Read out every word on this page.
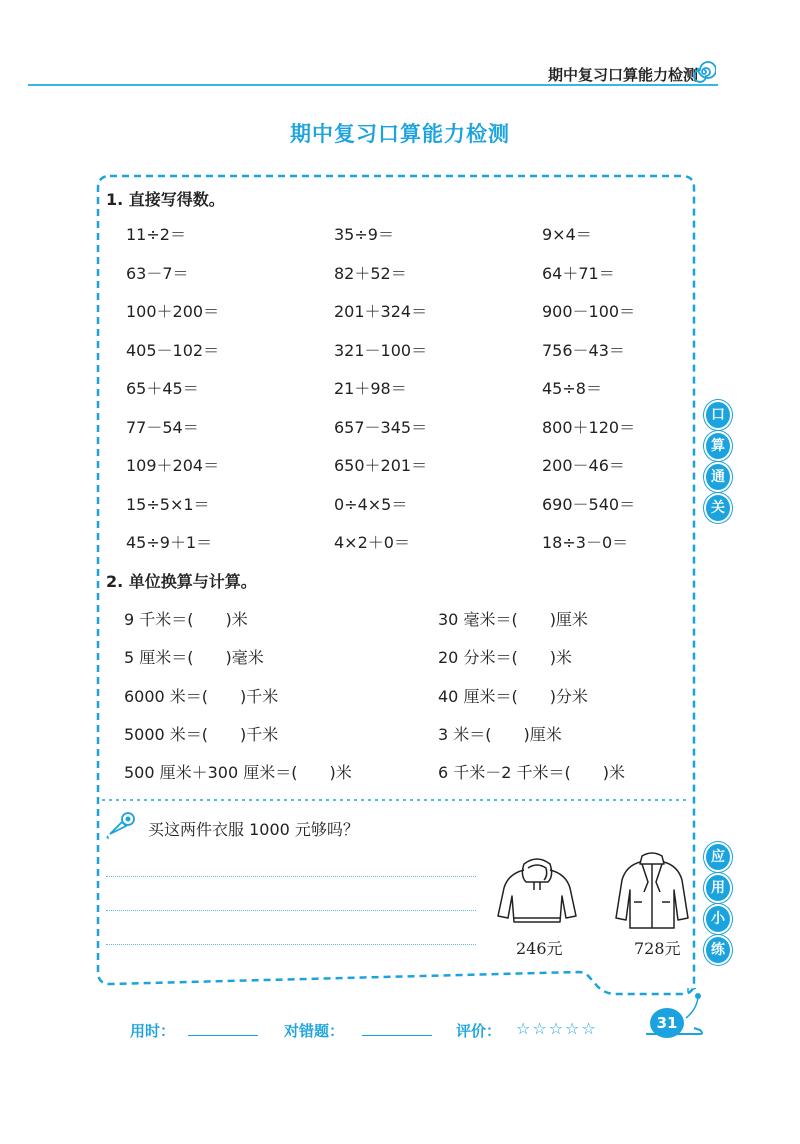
期中复习口算能力检测
期中复习口算能力检测
1. 直接写得数。
11÷2＝	35÷9＝	9×4＝
63－7＝	82＋52＝	64＋71＝
100＋200＝	201＋324＝	900－100＝
405－102＝	321－100＝	756－43＝
65＋45＝	21＋98＝	45÷8＝
77－54＝	657－345＝	800＋120＝
109＋204＝	650＋201＝	200－46＝
15÷5×1＝	0÷4×5＝	690－540＝
45÷9＋1＝	4×2＋0＝	18÷3－0＝
2. 单位换算与计算。
9 千米＝(　　)米	30 毫米＝(　　)厘米
5 厘米＝(　　)毫米	20 分米＝(　　)米
6000 米＝(　　)千米	40 厘米＝(　　)分米
5000 米＝(　　)千米	3 米＝(　　)厘米
500 厘米＋300 厘米＝(　　)米	6 千米－2 千米＝(　　)米
口
算
通
关
应
用
小
练
买这两件衣服 1000 元够吗？
246元	728元
用时：	对错题：	评价： ☆☆☆☆☆	31
